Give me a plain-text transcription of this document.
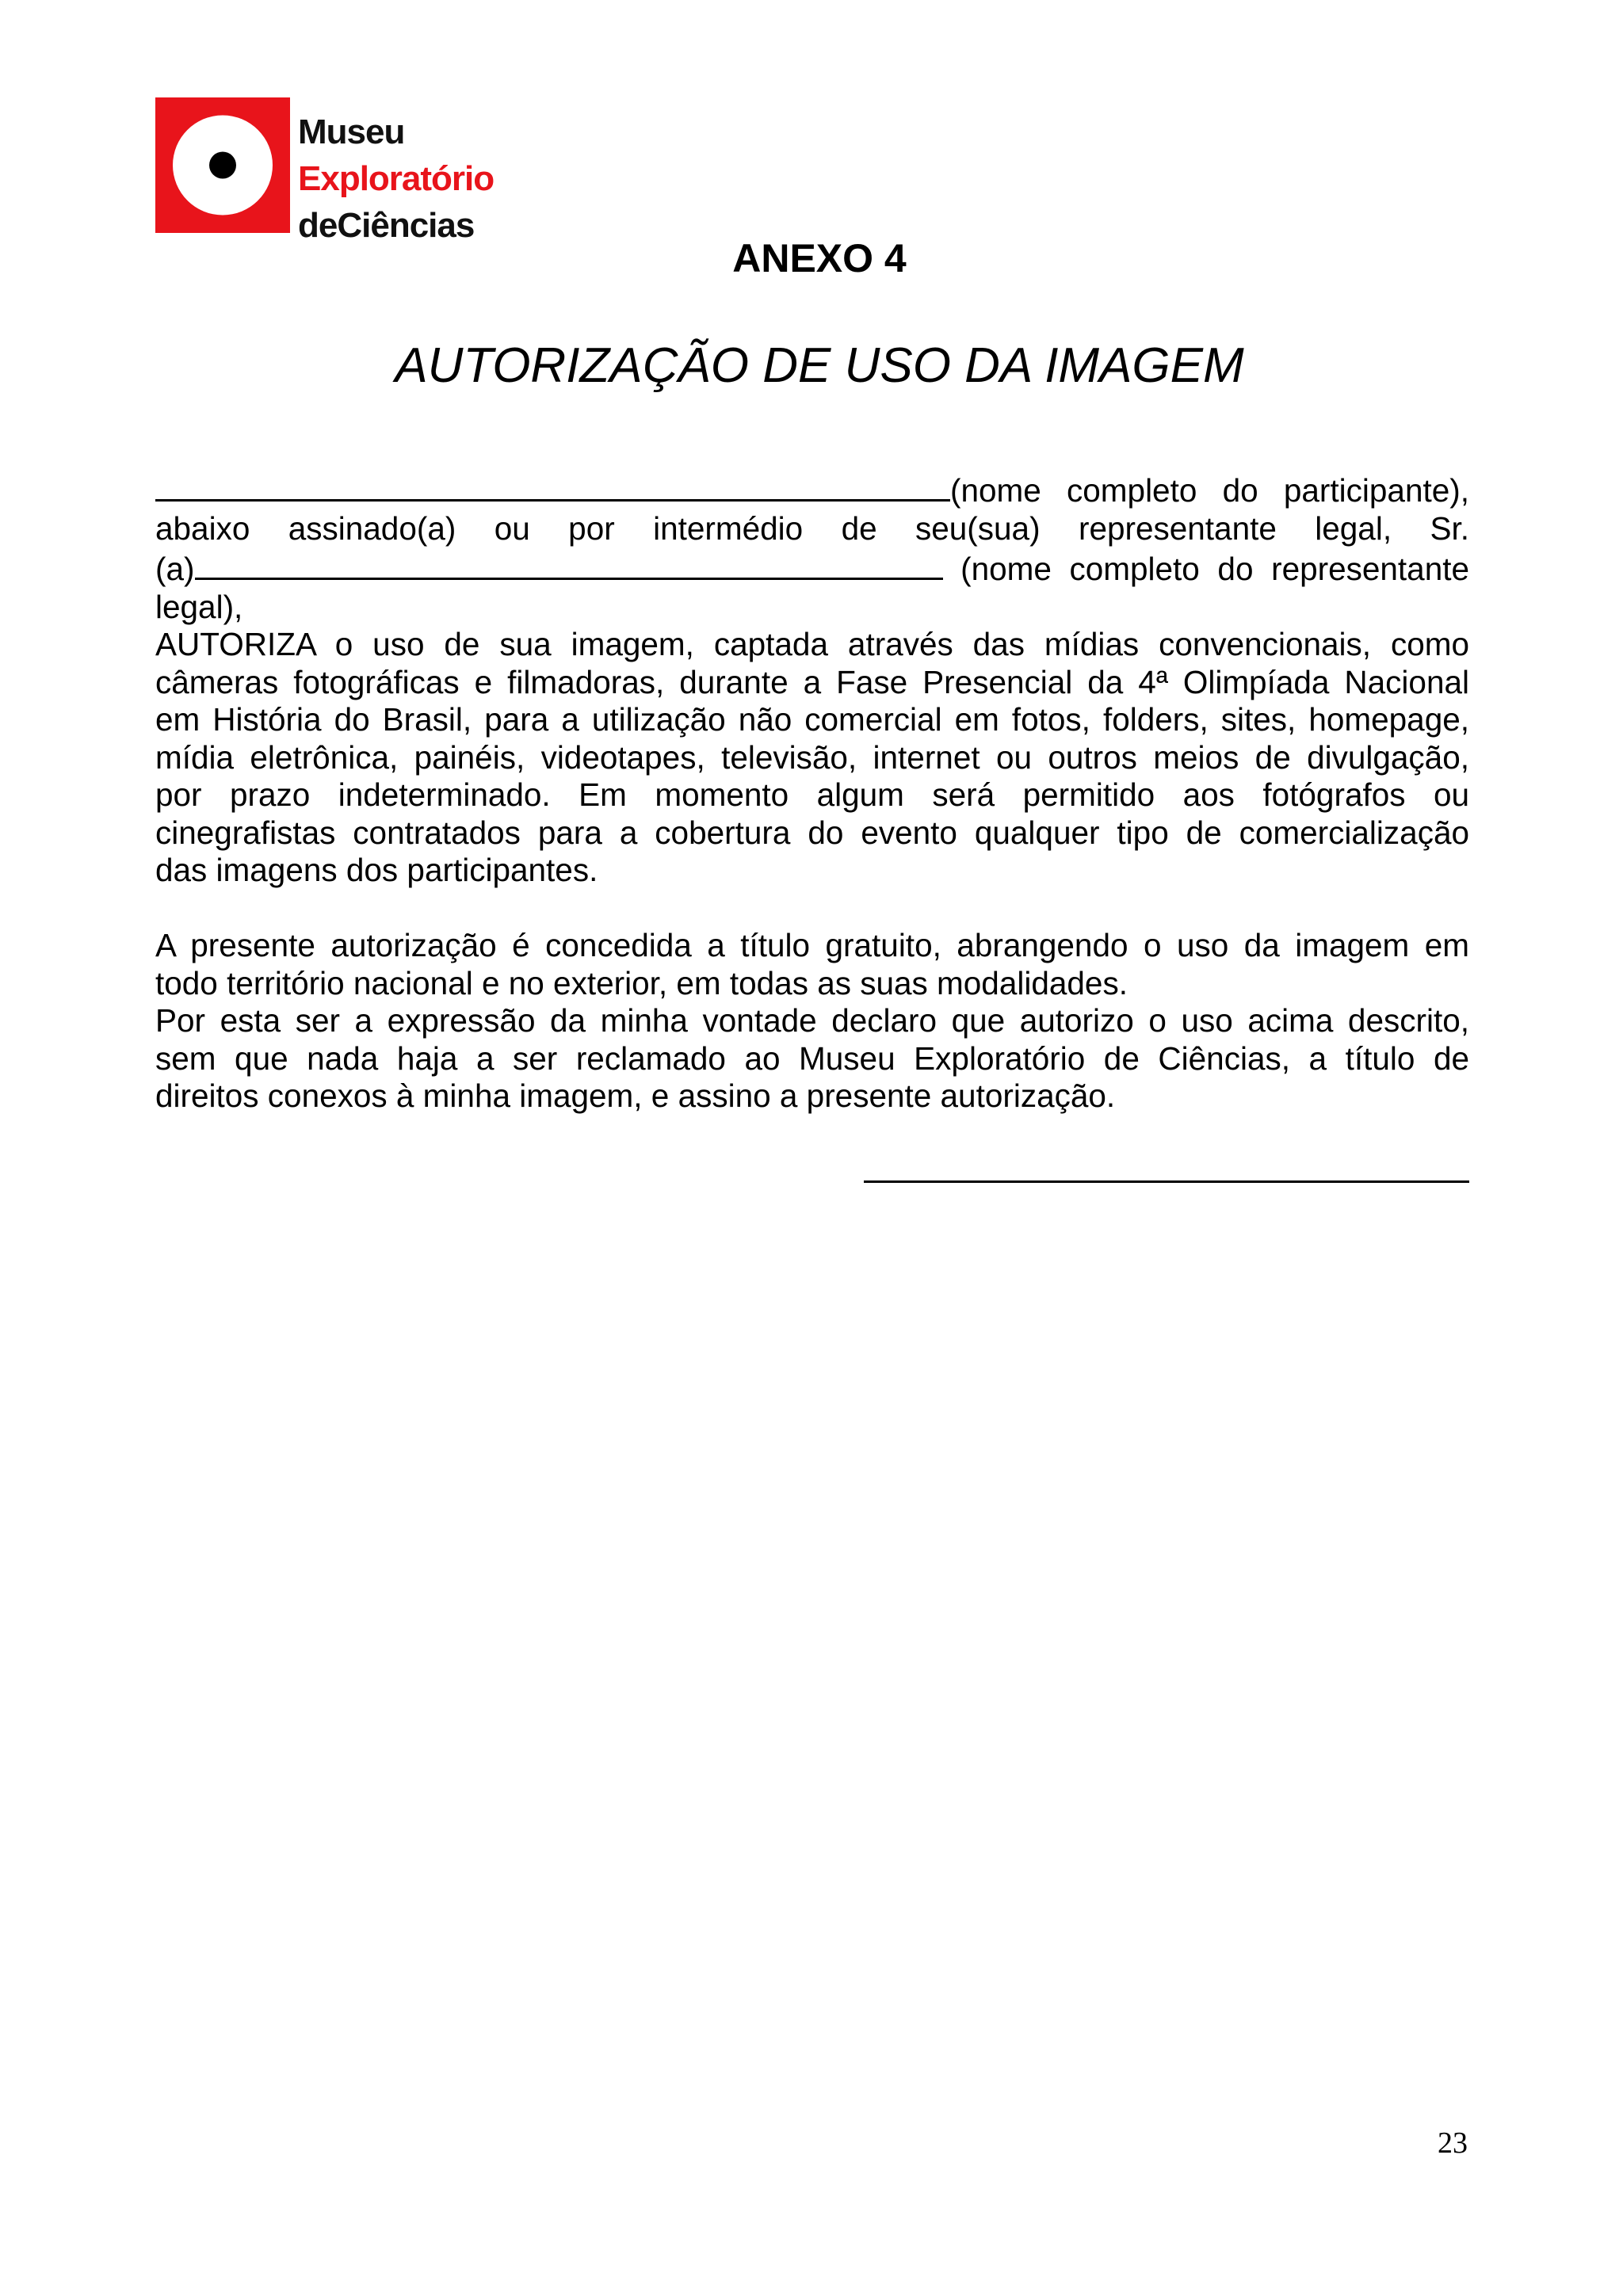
Museu
Exploratório
deCiências
ANEXO 4
AUTORIZAÇÃO DE USO DA IMAGEM

(nome completo do participante),
abaixo assinado(a) ou por intermédio de seu(sua) representante legal, Sr.
(a)	(nome completo do representante
legal),

AUTORIZA o uso de sua imagem, captada através das mídias convencionais, como
câmeras fotográficas e filmadoras, durante a Fase Presencial da 4ª Olimpíada Nacional
em História do Brasil, para a utilização não comercial em fotos, folders, sites, homepage,
mídia eletrônica, painéis, videotapes, televisão, internet ou outros meios de divulgação,
por prazo indeterminado. Em momento algum será permitido aos fotógrafos ou
cinegrafistas contratados para a cobertura do evento qualquer tipo de comercialização
das imagens dos participantes.

A presente autorização é concedida a título gratuito, abrangendo o uso da imagem em
todo território nacional e no exterior, em todas as suas modalidades.
Por esta ser a expressão da minha vontade declaro que autorizo o uso acima descrito,
sem que nada haja a ser reclamado ao Museu Exploratório de Ciências, a título de
direitos conexos à minha imagem, e assino a presente autorização.

23
